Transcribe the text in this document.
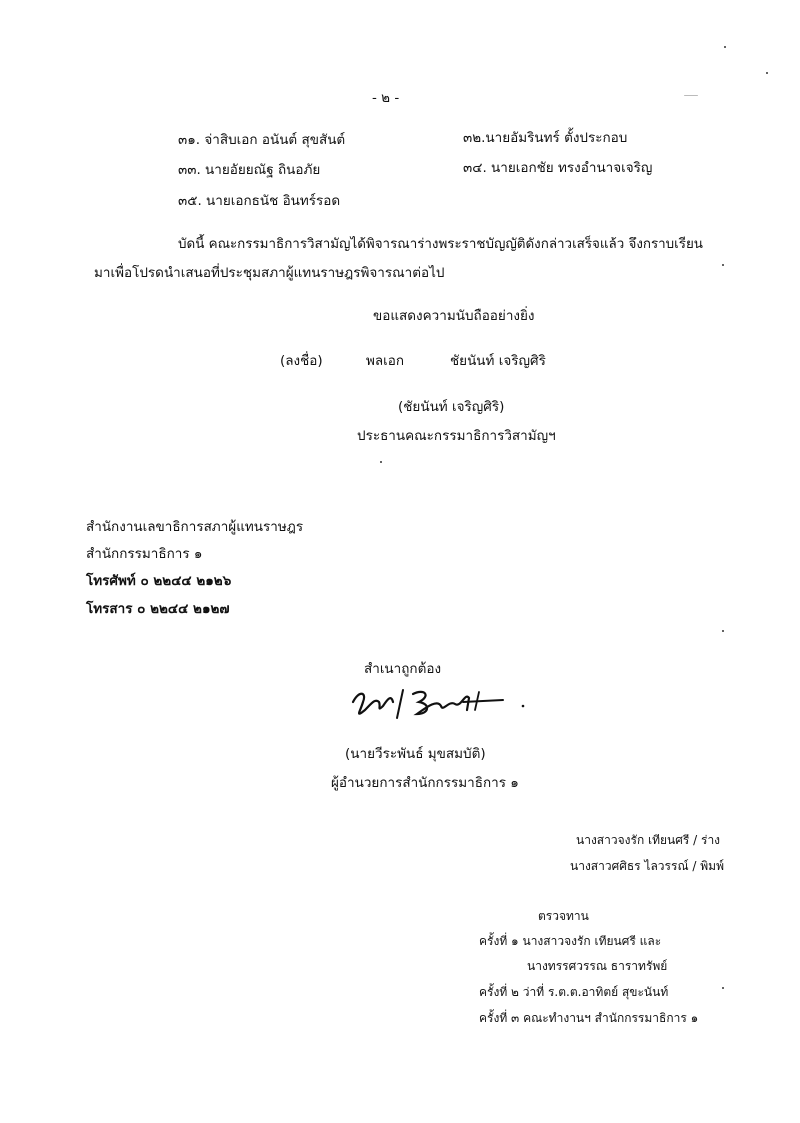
- ๒ -
๓๑. จ่าสิบเอก อนันต์ สุขสันต์	๓๒.นายอัมรินทร์ ตั้งประกอบ
๓๓. นายอัยยณัฐ ถินอภัย	๓๔. นายเอกชัย ทรงอำนาจเจริญ
๓๕. นายเอกธนัช อินทร์รอด
บัดนี้ คณะกรรมาธิการวิสามัญได้พิจารณาร่างพระราชบัญญัติดังกล่าวเสร็จแล้ว จึงกราบเรียน
มาเพื่อโปรดนำเสนอที่ประชุมสภาผู้แทนราษฎรพิจารณาต่อไป
ขอแสดงความนับถืออย่างยิ่ง
(ลงชื่อ)	พลเอก	ชัยนันท์ เจริญศิริ
(ชัยนันท์ เจริญศิริ)
ประธานคณะกรรมาธิการวิสามัญฯ
สำนักงานเลขาธิการสภาผู้แทนราษฎร
สำนักกรรมาธิการ ๑
โทรศัพท์ ๐ ๒๒๔๔ ๒๑๒๖
โทรสาร ๐ ๒๒๔๔ ๒๑๒๗
สำเนาถูกต้อง
(นายวีระพันธ์ มุขสมบัติ)
ผู้อำนวยการสำนักกรรมาธิการ ๑
นางสาวจงรัก เทียนศรี / ร่าง
นางสาวศศิธร ไลวรรณ์ / พิมพ์
ตรวจทาน
ครั้งที่ ๑ นางสาวจงรัก เทียนศรี และ
นางทรรศวรรณ ธาราทรัพย์
ครั้งที่ ๒ ว่าที่ ร.ต.ต.อาทิตย์ สุขะนันท์
ครั้งที่ ๓ คณะทำงานฯ สำนักกรรมาธิการ ๑
